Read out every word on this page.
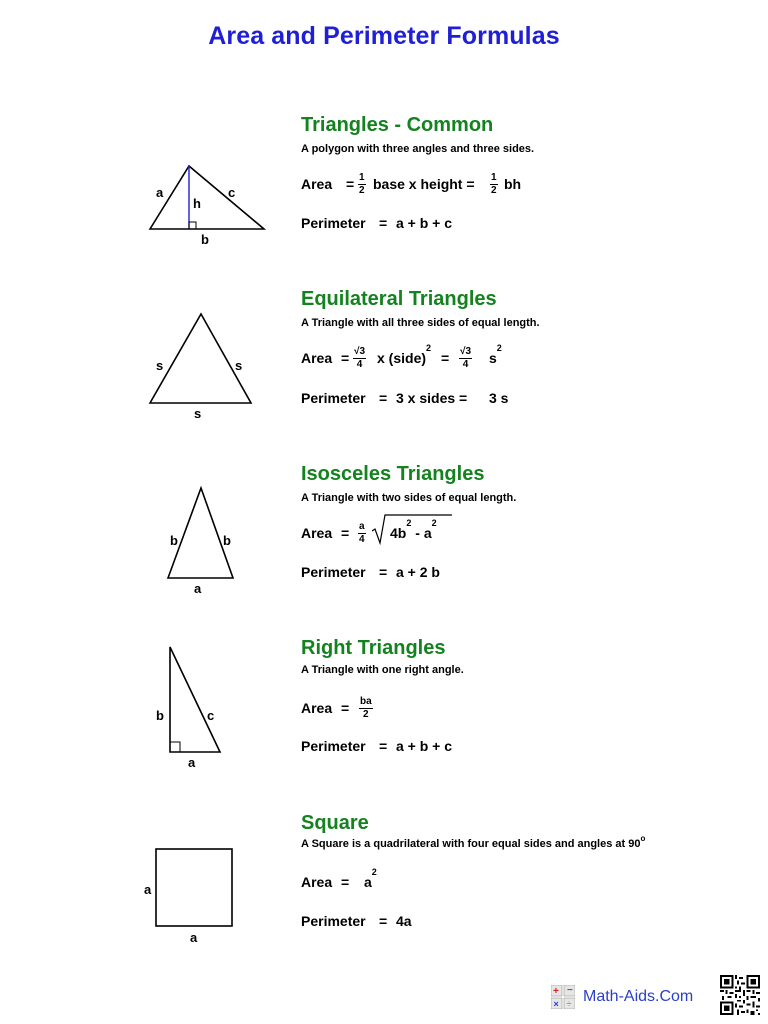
Area and Perimeter Formulas
Triangles - Common
A polygon with three angles and three sides.
Area = $\frac{1}{2}$ base x height = $\frac{1}{2}$ bh
Perimeter = a + b + c
a	c
h
b
Equilateral Triangles
A Triangle with all three sides of equal length.
Area = $\frac{√3}{4}$ x (side)$^2$
= $\frac{√3}{4} s^2$
Perimeter = 3 x sides = 3 s
s	s
s
Isosceles Triangles
A Triangle with two sides of equal length.
Area = $\frac{a}{4} 4b^2 - a^2$
Perimeter = a + 2 b
b	b
a
Right Triangles
A Triangle with one right angle.
Area = $\frac{ba}{2}$
Perimeter = a + b + c
b	c
a
Square
A Square is a quadrilateral with four equal sides and angles at 90$^o$
Area = $a^2$
Perimeter = 4a
a
a
+ −
× ÷ Math-Aids.Com
